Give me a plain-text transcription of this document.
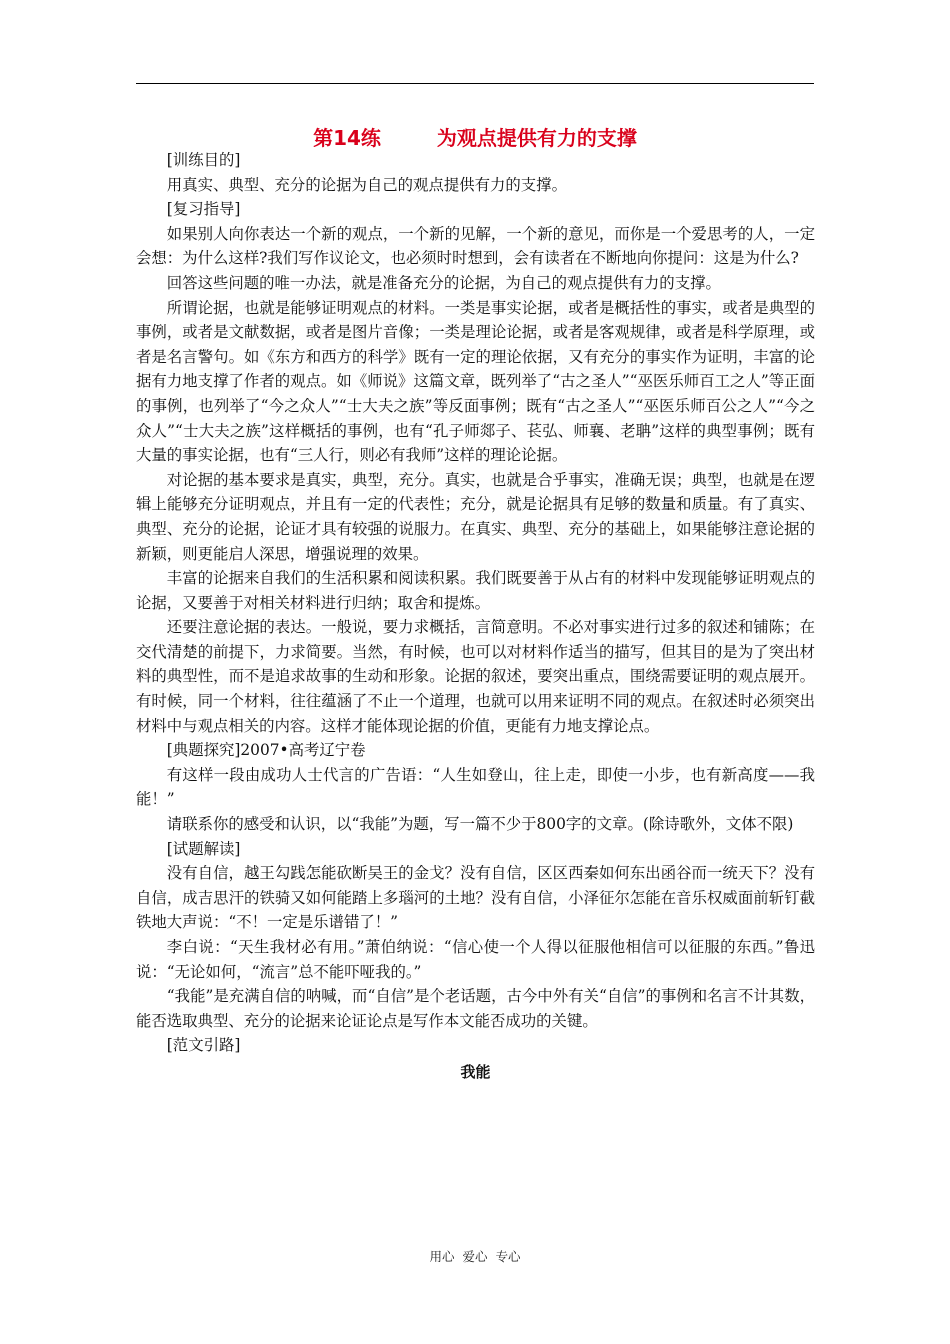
第14练	为观点提供有力的支撑

[训练目的]

用真实、典型、充分的论据为自己的观点提供有力的支撑。

[复习指导]

如果别人向你表达一个新的观点，一个新的见解，一个新的意见，而你是一个爱思考的人，一定会想：为什么这样?我们写作议论文，也必须时时想到，会有读者在不断地向你提问：这是为什么?

回答这些问题的唯一办法，就是准备充分的论据，为自己的观点提供有力的支撑。

所谓论据，也就是能够证明观点的材料。一类是事实论据，或者是概括性的事实，或者是典型的事例，或者是文献数据，或者是图片音像；一类是理论论据，或者是客观规律，或者是科学原理，或者是名言警句。如《东方和西方的科学》既有一定的理论依据，又有充分的事实作为证明，丰富的论据有力地支撑了作者的观点。如《师说》这篇文章，既列举了“古之圣人”“巫医乐师百工之人”等正面的事例，也列举了“今之众人”“士大夫之族”等反面事例；既有“古之圣人”“巫医乐师百公之人”“今之众人”“士大夫之族”这样概括的事例，也有“孔子师郯子、苌弘、师襄、老聃”这样的典型事例；既有大量的事实论据，也有“三人行，则必有我师”这样的理论论据。

对论据的基本要求是真实，典型，充分。真实，也就是合乎事实，准确无误；典型，也就是在逻辑上能够充分证明观点，并且有一定的代表性；充分，就是论据具有足够的数量和质量。有了真实、典型、充分的论据，论证才具有较强的说服力。在真实、典型、充分的基础上，如果能够注意论据的新颖，则更能启人深思，增强说理的效果。

丰富的论据来自我们的生活积累和阅读积累。我们既要善于从占有的材料中发现能够证明观点的论据，又要善于对相关材料进行归纳；取舍和提炼。

还要注意论据的表达。一般说，要力求概括，言简意明。不必对事实进行过多的叙述和铺陈；在交代清楚的前提下，力求简要。当然，有时候，也可以对材料作适当的描写，但其目的是为了突出材料的典型性，而不是追求故事的生动和形象。论据的叙述，要突出重点，围绕需要证明的观点展开。有时候，同一个材料，往往蕴涵了不止一个道理，也就可以用来证明不同的观点。在叙述时必须突出材料中与观点相关的内容。这样才能体现论据的价值，更能有力地支撑论点。

[典题探究]2007•高考辽宁卷

有这样一段由成功人士代言的广告语：“人生如登山，往上走，即使一小步，也有新高度——我能！”

请联系你的感受和认识，以“我能”为题，写一篇不少于800字的文章。(除诗歌外，文体不限)

[试题解读]

没有自信，越王勾践怎能砍断吴王的金戈？没有自信，区区西秦如何东出函谷而一统天下？没有自信，成吉思汗的铁骑又如何能踏上多瑙河的土地？没有自信，小泽征尔怎能在音乐权威面前斩钉截铁地大声说：“不！一定是乐谱错了！”

李白说：“天生我材必有用。”萧伯纳说：“信心使一个人得以征服他相信可以征服的东西。”鲁迅说：“无论如何，“流言”总不能吓哑我的。”

“我能”是充满自信的呐喊，而“自信”是个老话题，古今中外有关“自信”的事例和名言不计其数，能否选取典型、充分的论据来论证论点是写作本文能否成功的关键。

[范文引路]

我能

用心  爱心  专心
